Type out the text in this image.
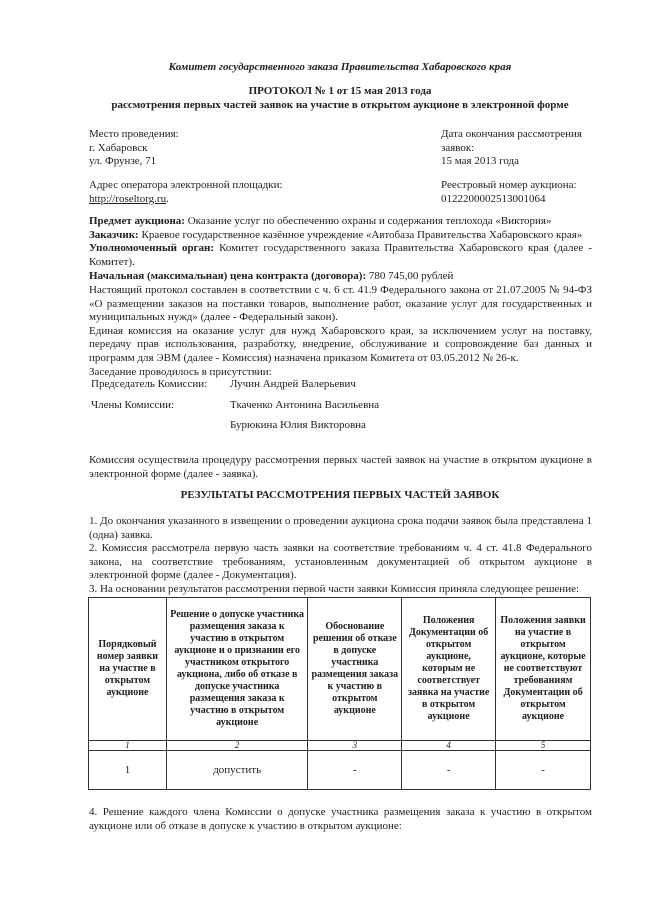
Комитет государственного заказа Правительства Хабаровского края
ПРОТОКОЛ № 1 от 15 мая 2013 года
рассмотрения первых частей заявок на участие в открытом аукционе в электронной форме
Место проведения:
г. Хабаровск
ул. Фрунзе, 71
Дата окончания рассмотрения
заявок:
15 мая 2013 года
Адрес оператора электронной площадки:
http://roseltorg.ru.
Реестровый номер аукциона:
0122200002513001064
Предмет аукциона: Оказание услуг по обеспечению охраны и содержания теплохода «Виктория»
Заказчик: Краевое государственное казённое учреждение «Автобаза Правительства Хабаровского края»
Уполномоченный орган: Комитет государственного заказа Правительства Хабаровского края (далее - Комитет).
Начальная (максимальная) цена контракта (договора): 780 745,00 рублей
Настоящий протокол составлен в соответствии с ч. 6 ст. 41.9 Федерального закона от 21.07.2005 № 94-ФЗ «О размещении заказов на поставки товаров, выполнение работ, оказание услуг для государственных и муниципальных нужд» (далее - Федеральный закон).
Единая комиссия на оказание услуг для нужд Хабаровского края, за исключением услуг на поставку, передачу прав использования, разработку, внедрение, обслуживание и сопровождение баз данных и программ для ЭВМ (далее - Комиссия) назначена приказом Комитета от 03.05.2012 № 26-к.
Заседание проводилось в присутствии:
Председатель Комиссии: Лучин Андрей Валерьевич
Члены Комиссии:	Ткаченко Антонина Васильевна
Бурюкина Юлия Викторовна
Комиссия осуществила процедуру рассмотрения первых частей заявок на участие в открытом аукционе в электронной форме (далее - заявка).
РЕЗУЛЬТАТЫ РАССМОТРЕНИЯ ПЕРВЫХ ЧАСТЕЙ ЗАЯВОК
1. До окончания указанного в извещении о проведении аукциона срока подачи заявок была представлена 1 (одна) заявка.
2. Комиссия рассмотрела первую часть заявки на соответствие требованиям ч. 4 ст. 41.8 Федерального закона, на соответствие требованиям, установленным документацией об открытом аукционе в электронной форме (далее - Документация).
3. На основании результатов рассмотрения первой части заявки Комиссия приняла следующее решение:
Порядковый номер заявки на участие в открытом аукционе	Решение о допуске участника размещения заказа к участию в открытом аукционе и о признании его участником открытого аукциона, либо об отказе в допуске участника размещения заказа к участию в открытом аукционе	Обоснование решения об отказе в допуске участника размещения заказа к участию в открытом аукционе	Положения Документации об открытом аукционе, которым не соответствует заявка на участие в открытом аукционе	Положения заявки на участие в открытом аукционе, которые не соответствуют требованиям Документации об открытом аукционе
1	2	3	4	5
1	допустить	-	-	-
4. Решение каждого члена Комиссии о допуске участника размещения заказа к участию в открытом аукционе или об отказе в допуске к участию в открытом аукционе:
